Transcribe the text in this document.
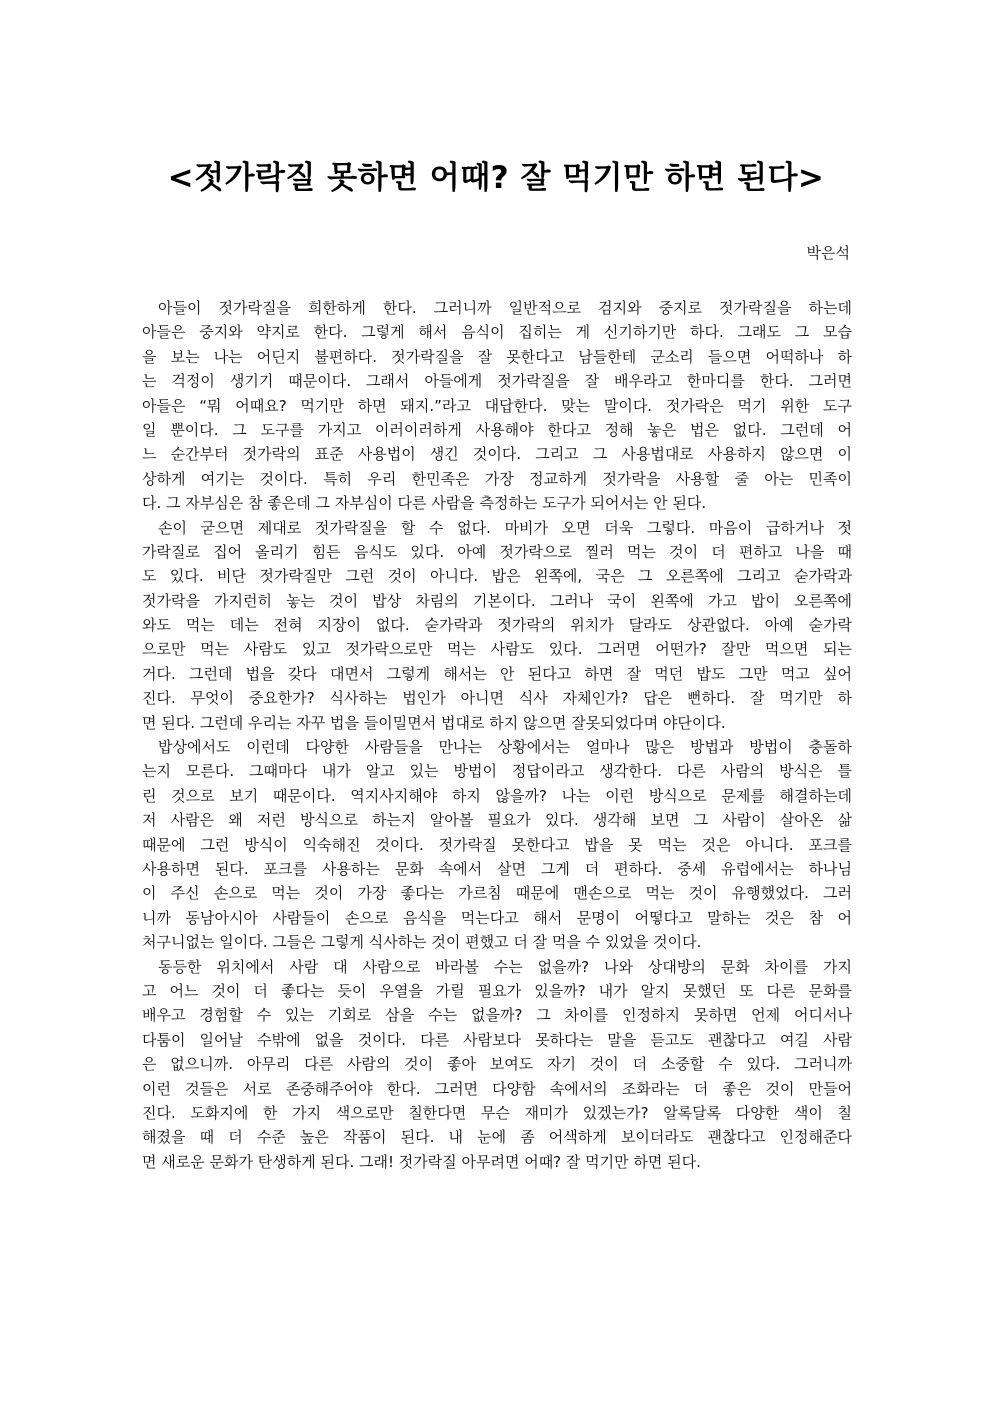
<젓가락질 못하면 어때? 잘 먹기만 하면 된다>
박은석
아들이 젓가락질을 희한하게 한다. 그러니까 일반적으로 검지와 중지로 젓가락질을 하는데
아들은 중지와 약지로 한다. 그렇게 해서 음식이 집히는 게 신기하기만 하다. 그래도 그 모습
을 보는 나는 어딘지 불편하다. 젓가락질을 잘 못한다고 남들한테 군소리 들으면 어떡하나 하
는 걱정이 생기기 때문이다. 그래서 아들에게 젓가락질을 잘 배우라고 한마디를 한다. 그러면
아들은 “뭐 어때요? 먹기만 하면 돼지.”라고 대답한다. 맞는 말이다. 젓가락은 먹기 위한 도구
일 뿐이다. 그 도구를 가지고 이러이러하게 사용해야 한다고 정해 놓은 법은 없다. 그런데 어
느 순간부터 젓가락의 표준 사용법이 생긴 것이다. 그리고 그 사용법대로 사용하지 않으면 이
상하게 여기는 것이다. 특히 우리 한민족은 가장 정교하게 젓가락을 사용할 줄 아는 민족이
다. 그 자부심은 참 좋은데 그 자부심이 다른 사람을 측정하는 도구가 되어서는 안 된다.
손이 굳으면 제대로 젓가락질을 할 수 없다. 마비가 오면 더욱 그렇다. 마음이 급하거나 젓
가락질로 집어 올리기 힘든 음식도 있다. 아예 젓가락으로 찔러 먹는 것이 더 편하고 나을 때
도 있다. 비단 젓가락질만 그런 것이 아니다. 밥은 왼쪽에, 국은 그 오른쪽에 그리고 숟가락과
젓가락을 가지런히 놓는 것이 밥상 차림의 기본이다. 그러나 국이 왼쪽에 가고 밥이 오른쪽에
와도 먹는 데는 전혀 지장이 없다. 숟가락과 젓가락의 위치가 달라도 상관없다. 아예 숟가락
으로만 먹는 사람도 있고 젓가락으로만 먹는 사람도 있다. 그러면 어떤가? 잘만 먹으면 되는
거다. 그런데 법을 갖다 대면서 그렇게 해서는 안 된다고 하면 잘 먹던 밥도 그만 먹고 싶어
진다. 무엇이 중요한가? 식사하는 법인가 아니면 식사 자체인가? 답은 뻔하다. 잘 먹기만 하
면 된다. 그런데 우리는 자꾸 법을 들이밀면서 법대로 하지 않으면 잘못되었다며 야단이다.
밥상에서도 이런데 다양한 사람들을 만나는 상황에서는 얼마나 많은 방법과 방법이 충돌하
는지 모른다. 그때마다 내가 알고 있는 방법이 정답이라고 생각한다. 다른 사람의 방식은 틀
린 것으로 보기 때문이다. 역지사지해야 하지 않을까? 나는 이런 방식으로 문제를 해결하는데
저 사람은 왜 저런 방식으로 하는지 알아볼 필요가 있다. 생각해 보면 그 사람이 살아온 삶
때문에 그런 방식이 익숙해진 것이다. 젓가락질 못한다고 밥을 못 먹는 것은 아니다. 포크를
사용하면 된다. 포크를 사용하는 문화 속에서 살면 그게 더 편하다. 중세 유럽에서는 하나님
이 주신 손으로 먹는 것이 가장 좋다는 가르침 때문에 맨손으로 먹는 것이 유행했었다. 그러
니까 동남아시아 사람들이 손으로 음식을 먹는다고 해서 문명이 어떻다고 말하는 것은 참 어
처구니없는 일이다. 그들은 그렇게 식사하는 것이 편했고 더 잘 먹을 수 있었을 것이다.
동등한 위치에서 사람 대 사람으로 바라볼 수는 없을까? 나와 상대방의 문화 차이를 가지
고 어느 것이 더 좋다는 듯이 우열을 가릴 필요가 있을까? 내가 알지 못했던 또 다른 문화를
배우고 경험할 수 있는 기회로 삼을 수는 없을까? 그 차이를 인정하지 못하면 언제 어디서나
다툼이 일어날 수밖에 없을 것이다. 다른 사람보다 못하다는 말을 듣고도 괜찮다고 여길 사람
은 없으니까. 아무리 다른 사람의 것이 좋아 보여도 자기 것이 더 소중할 수 있다. 그러니까
이런 것들은 서로 존중해주어야 한다. 그러면 다양함 속에서의 조화라는 더 좋은 것이 만들어
진다. 도화지에 한 가지 색으로만 칠한다면 무슨 재미가 있겠는가? 알록달록 다양한 색이 칠
해졌을 때 더 수준 높은 작품이 된다. 내 눈에 좀 어색하게 보이더라도 괜찮다고 인정해준다
면 새로운 문화가 탄생하게 된다. 그래! 젓가락질 아무려면 어때? 잘 먹기만 하면 된다.
